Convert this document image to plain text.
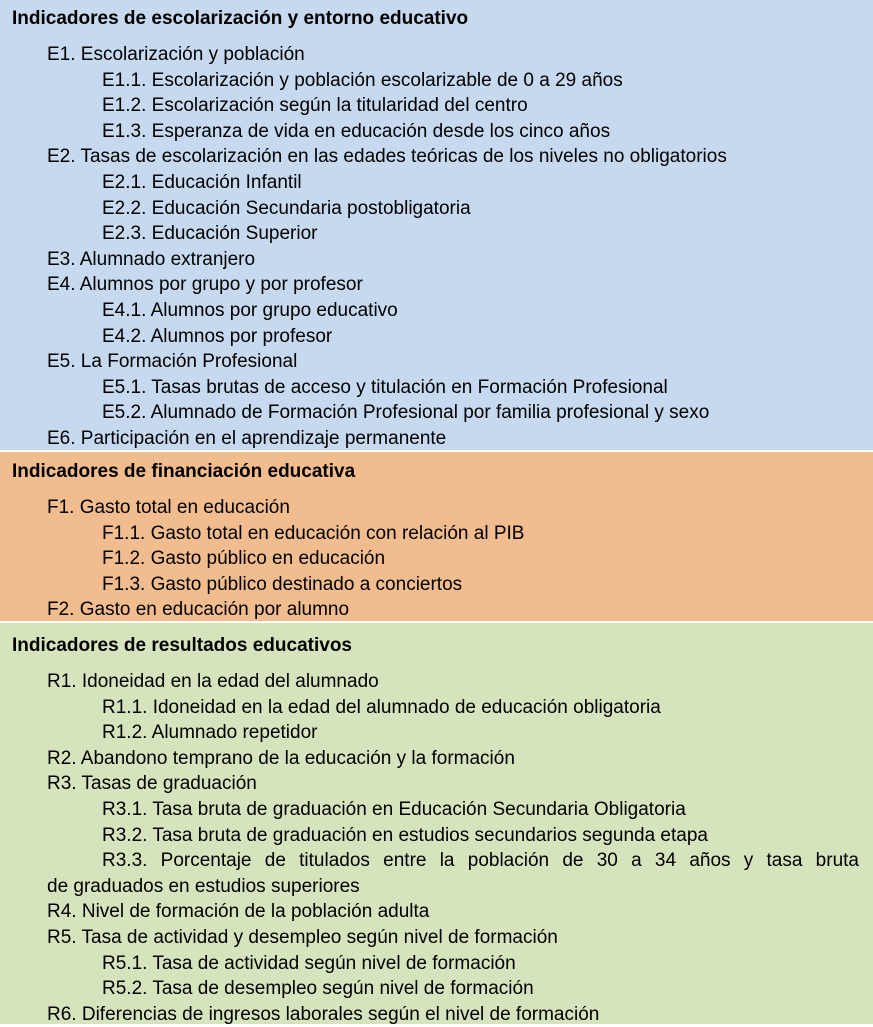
Indicadores de escolarización y entorno educativo
E1. Escolarización y población
E1.1. Escolarización y población escolarizable de 0 a 29 años
E1.2. Escolarización según la titularidad del centro
E1.3. Esperanza de vida en educación desde los cinco años
E2. Tasas de escolarización en las edades teóricas de los niveles no obligatorios
E2.1. Educación Infantil
E2.2. Educación Secundaria postobligatoria
E2.3. Educación Superior
E3. Alumnado extranjero
E4. Alumnos por grupo y por profesor
E4.1. Alumnos por grupo educativo
E4.2. Alumnos por profesor
E5. La Formación Profesional
E5.1. Tasas brutas de acceso y titulación en Formación Profesional
E5.2. Alumnado de Formación Profesional por familia profesional y sexo
E6. Participación en el aprendizaje permanente
Indicadores de financiación educativa
F1. Gasto total en educación
F1.1. Gasto total en educación con relación al PIB
F1.2. Gasto público en educación
F1.3. Gasto público destinado a conciertos
F2. Gasto en educación por alumno
Indicadores de resultados educativos
R1. Idoneidad en la edad del alumnado
R1.1. Idoneidad en la edad del alumnado de educación obligatoria
R1.2. Alumnado repetidor
R2. Abandono temprano de la educación y la formación
R3. Tasas de graduación
R3.1. Tasa bruta de graduación en Educación Secundaria Obligatoria
R3.2. Tasa bruta de graduación en estudios secundarios segunda etapa
R3.3. Porcentaje de titulados entre la población de 30 a 34 años y tasa bruta
de graduados en estudios superiores
R4. Nivel de formación de la población adulta
R5. Tasa de actividad y desempleo según nivel de formación
R5.1. Tasa de actividad según nivel de formación
R5.2. Tasa de desempleo según nivel de formación
R6. Diferencias de ingresos laborales según el nivel de formación
